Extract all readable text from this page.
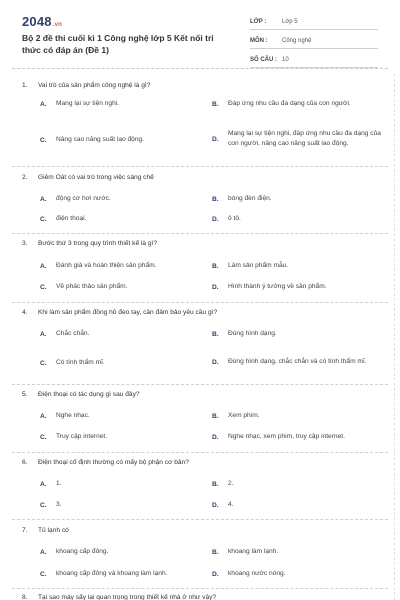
2048.vn
Bộ 2 đề thi cuối kì 1 Công nghệ lớp 5 Kết nối tri thức có đáp án (Đề 1)
LỚP :	Lớp 5
MÔN :	Công nghệ
SỐ CÂU : 10
1. Vai trò của sản phẩm công nghệ là gì?
A.	Mang lại sự tiện nghi.	B.	Đáp ứng nhu cầu đa dạng của con người.
C.	Nâng cao năng suất lao động.	D.
Mang lại sự tiện nghi, đáp ứng nhu cầu đa dạng của con người, nâng cao năng suất lao động.
2. Giêm Oát có vai trò trong việc sáng chế
A.	động cơ hơi nước.	B.	bóng đèn điện.
C.	điện thoại.	D.	ô tô.
3. Bước thứ 3 trong quy trình thiết kế là gì?
A.	Đánh giá và hoàn thiện sản phẩm.	B.	Làm sản phẩm mẫu.
C.	Vẽ phác thảo sản phẩm.	D.	Hình thành ý tưởng về sản phẩm.
4. Khi làm sản phẩm đồng hồ đeo tay, cần đảm bảo yêu cầu gì?
A.	Chắc chắn.	B.	Đúng hình dạng.
C.	Có tính thẩm mĩ.	D.	Đúng hình dạng, chắc chắn và có tính thẩm mĩ.
5. Điện thoại có tác dụng gì sau đây?
A.	Nghe nhạc.	B.	Xem phim.
C.	Truy cập internet.	D.	Nghe nhạc, xem phim, truy cập internet.
6. Điện thoại cố định thường có mấy bộ phận cơ bản?
A.	1.	B.	2.
C.	3.	D.	4.
7. Tủ lạnh có
A.	khoang cấp đông.	B.	khoang làm lạnh.
C.	khoang cấp đông và khoang làm lạnh.	D.	khoang nước nóng.
8. Tại sao máy sấy lại quan trọng trong thiết kế nhà ở như vậy?
